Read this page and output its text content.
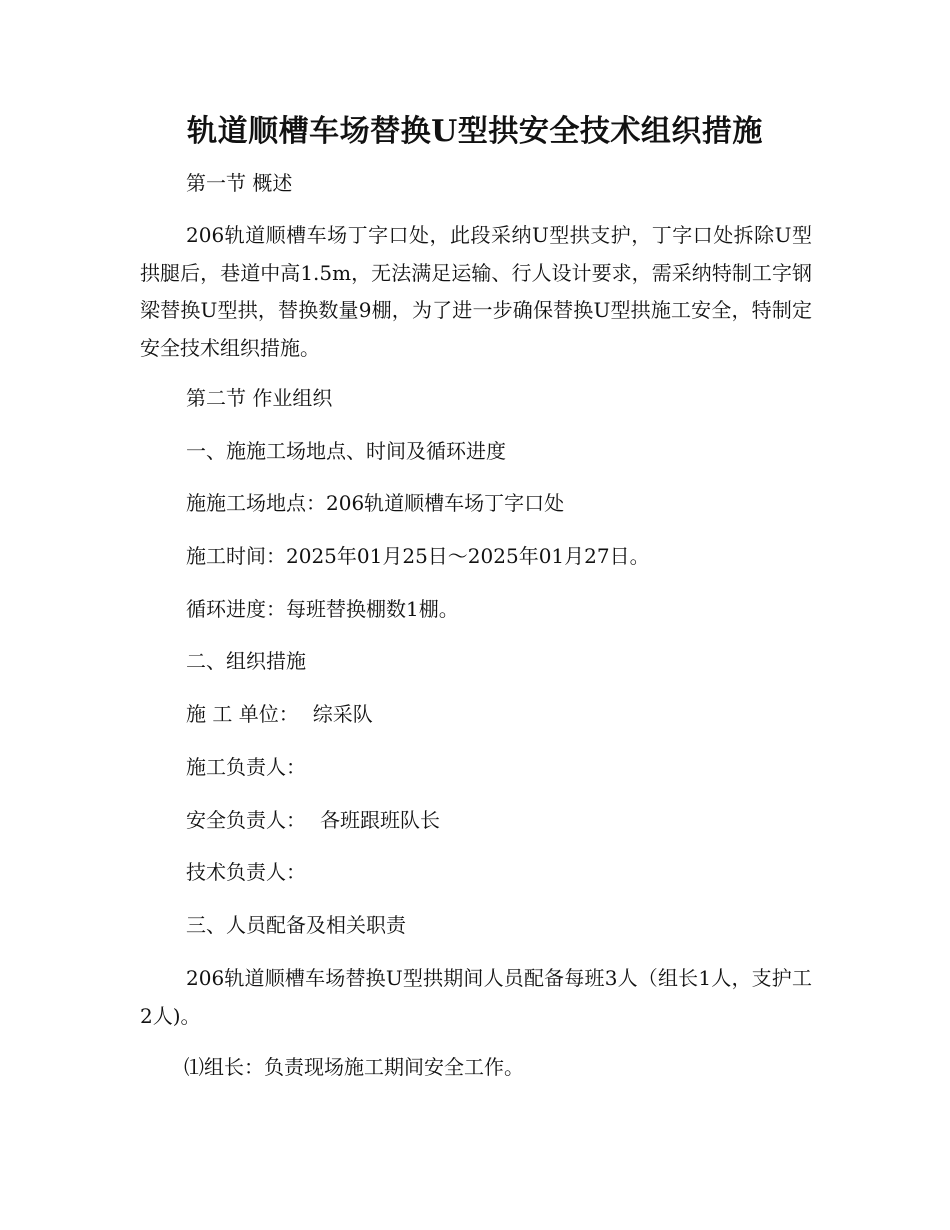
轨道顺槽车场替换U型拱安全技术组织措施
第一节 概述
206轨道顺槽车场丁字口处，此段采纳U型拱支护，丁字口处拆除U型拱腿后，巷道中高1.5m，无法满足运输、行人设计要求，需采纳特制工字钢梁替换U型拱，替换数量9棚，为了进一步确保替换U型拱施工安全，特制定安全技术组织措施。
第二节 作业组织
一、施施工场地点、时间及循环进度
施施工场地点：206轨道顺槽车场丁字口处
施工时间：2025年01月25日～2025年01月27日。
循环进度：每班替换棚数1棚。
二、组织措施
施 工 单位： 综采队
施工负责人：
安全负责人： 各班跟班队长
技术负责人：
三、人员配备及相关职责
206轨道顺槽车场替换U型拱期间人员配备每班3人（组长1人，支护工2人)。
⑴组长：负责现场施工期间安全工作。
